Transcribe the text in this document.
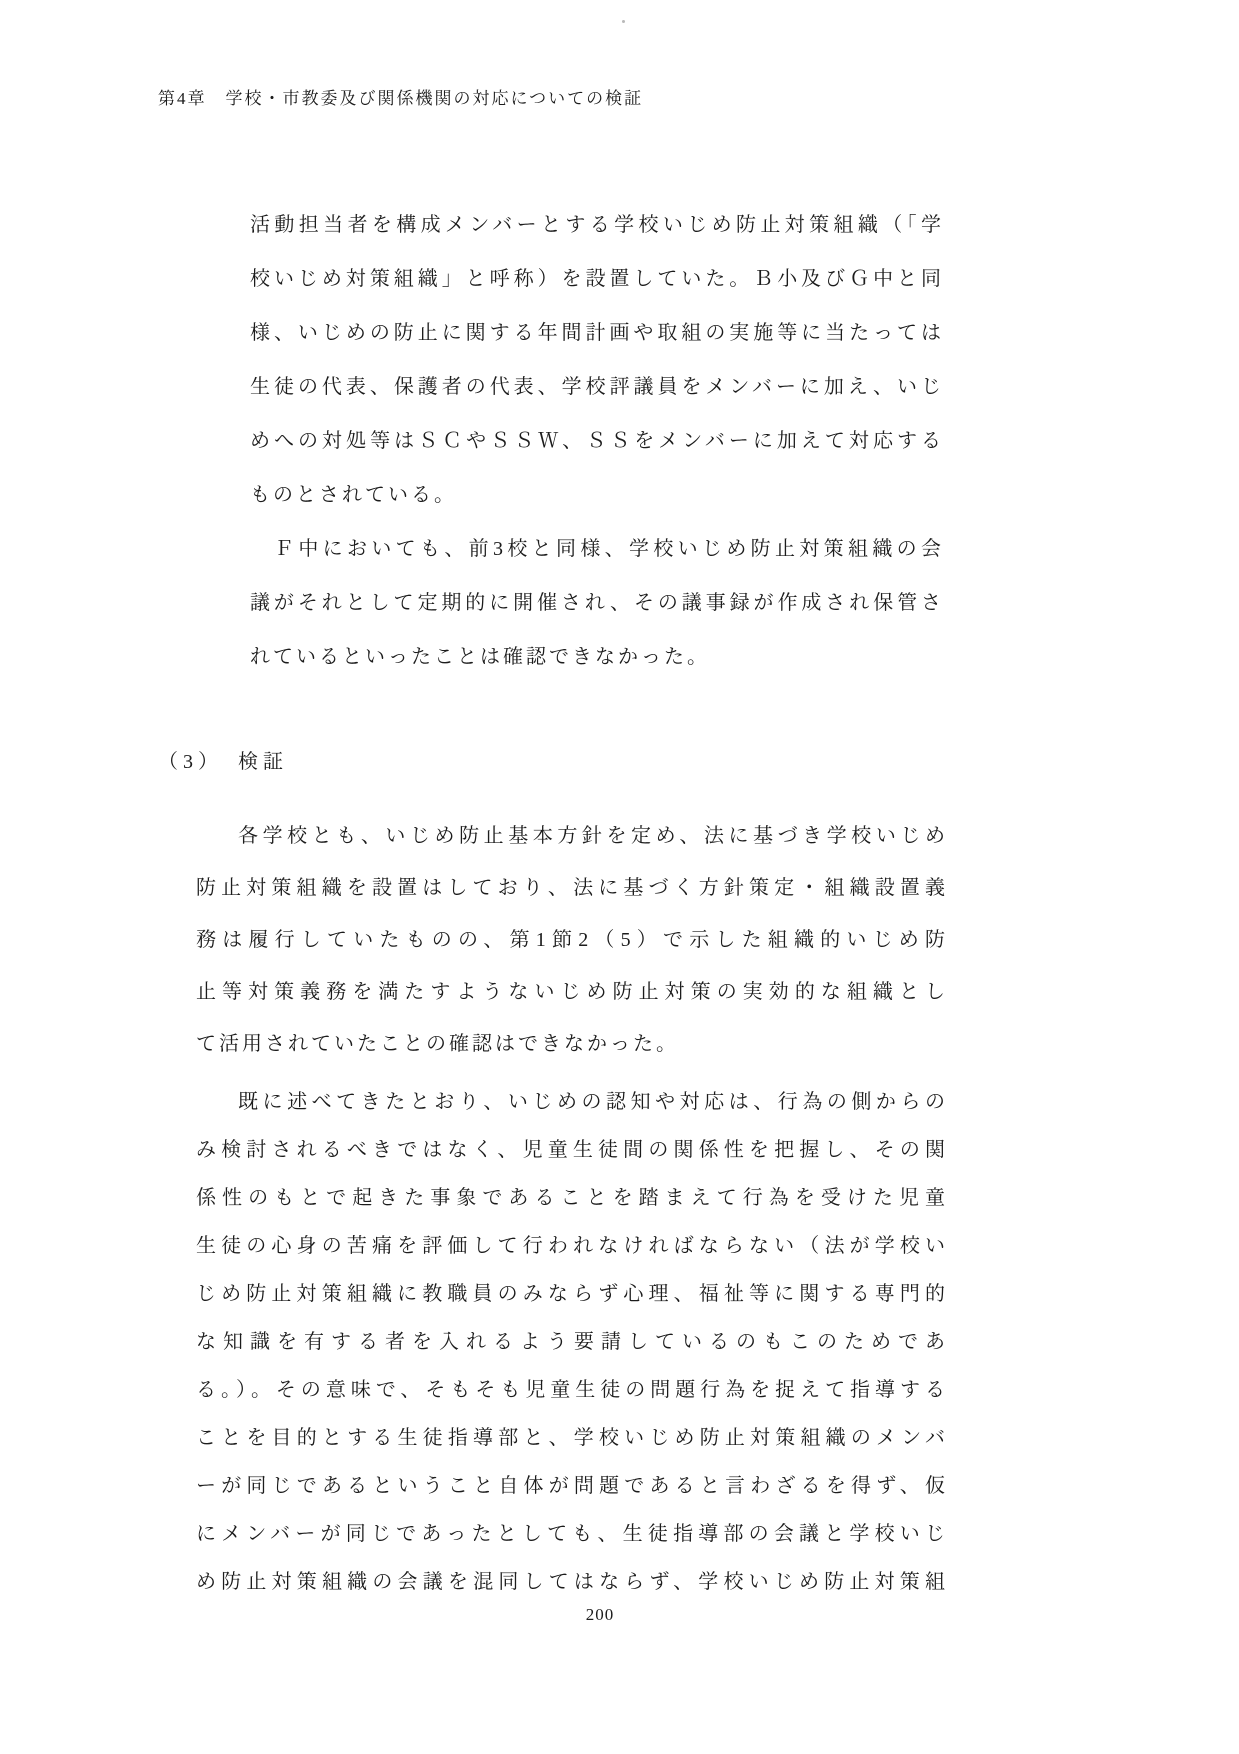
第4章　学校・市教委及び関係機関の対応についての検証
活動担当者を構成メンバーとする学校いじめ防止対策組織（「学
校いじめ対策組織」と呼称）を設置していた。Ｂ小及びＧ中と同
様、いじめの防止に関する年間計画や取組の実施等に当たっては
生徒の代表、保護者の代表、学校評議員をメンバーに加え、いじ
めへの対処等はＳＣやＳＳＷ、ＳＳをメンバーに加えて対応する
ものとされている。
Ｆ中においても、前3校と同様、学校いじめ防止対策組織の会
議がそれとして定期的に開催され、その議事録が作成され保管さ
れているといったことは確認できなかった。
（3）　検証
各学校とも、いじめ防止基本方針を定め、法に基づき学校いじめ
防止対策組織を設置はしており、法に基づく方針策定・組織設置義
務は履行していたものの、第1節2（5）で示した組織的いじめ防
止等対策義務を満たすようないじめ防止対策の実効的な組織とし
て活用されていたことの確認はできなかった。
既に述べてきたとおり、いじめの認知や対応は、行為の側からの
み検討されるべきではなく、児童生徒間の関係性を把握し、その関
係性のもとで起きた事象であることを踏まえて行為を受けた児童
生徒の心身の苦痛を評価して行われなければならない（法が学校い
じめ防止対策組織に教職員のみならず心理、福祉等に関する専門的
な知識を有する者を入れるよう要請しているのもこのためであ
る。）。その意味で、そもそも児童生徒の問題行為を捉えて指導する
ことを目的とする生徒指導部と、学校いじめ防止対策組織のメンバ
ーが同じであるということ自体が問題であると言わざるを得ず、仮
にメンバーが同じであったとしても、生徒指導部の会議と学校いじ
め防止対策組織の会議を混同してはならず、学校いじめ防止対策組
200
